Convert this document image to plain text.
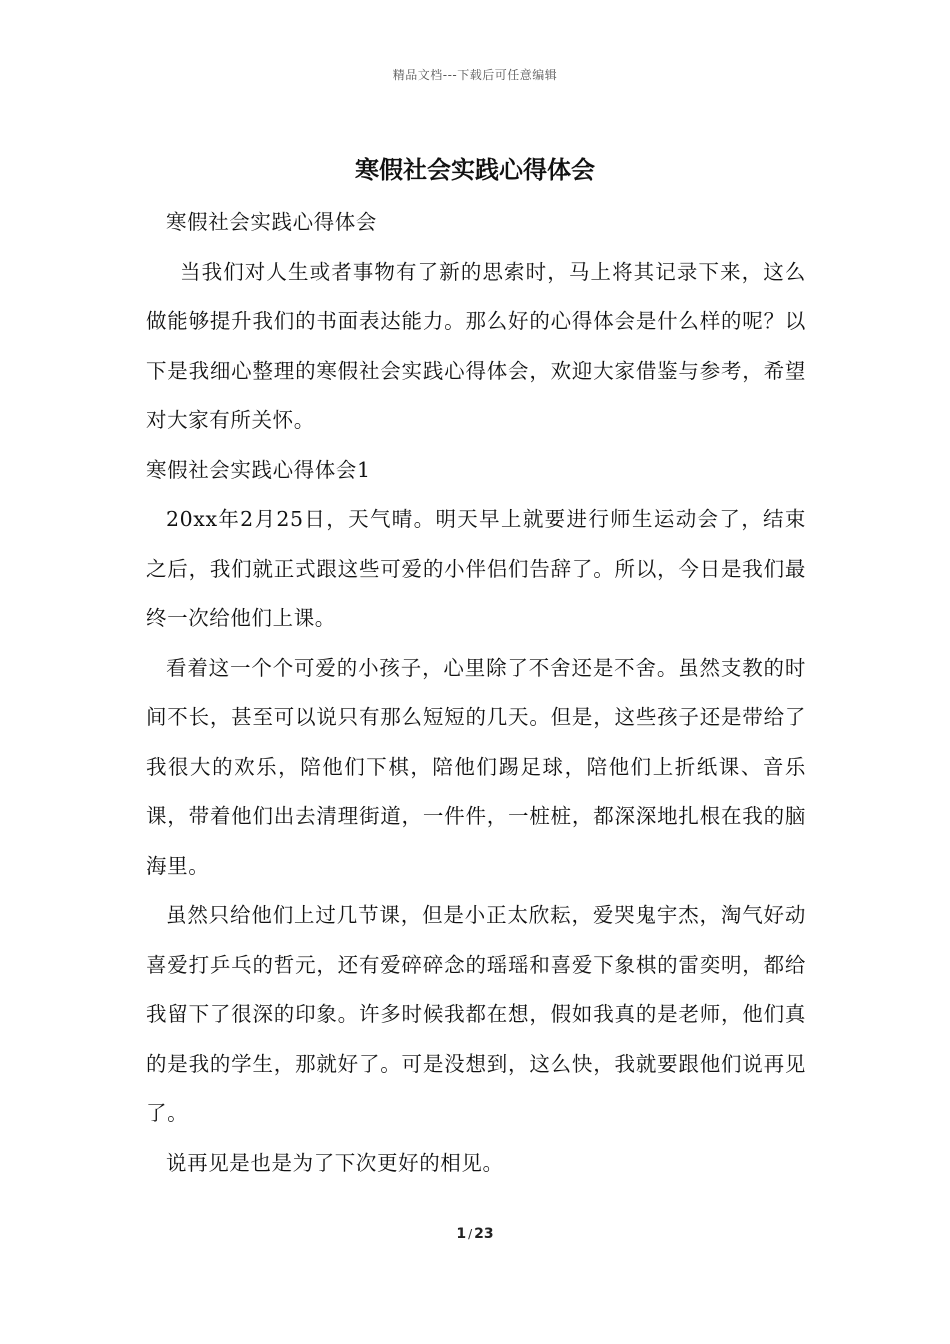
精品文档---下载后可任意编辑
寒假社会实践心得体会

寒假社会实践心得体会

当我们对人生或者事物有了新的思索时，马上将其记录下来，这么做能够提升我们的书面表达能力。那么好的心得体会是什么样的呢？以下是我细心整理的寒假社会实践心得体会，欢迎大家借鉴与参考，希望对大家有所关怀。

寒假社会实践心得体会1

20xx年2月25日，天气晴。明天早上就要进行师生运动会了，结束之后，我们就正式跟这些可爱的小伴侣们告辞了。所以，今日是我们最终一次给他们上课。

看着这一个个可爱的小孩子，心里除了不舍还是不舍。虽然支教的时间不长，甚至可以说只有那么短短的几天。但是，这些孩子还是带给了我很大的欢乐，陪他们下棋，陪他们踢足球，陪他们上折纸课、音乐课，带着他们出去清理街道，一件件，一桩桩，都深深地扎根在我的脑海里。

虽然只给他们上过几节课，但是小正太欣耘，爱哭鬼宇杰，淘气好动喜爱打乒乓的哲元，还有爱碎碎念的瑶瑶和喜爱下象棋的雷奕明，都给我留下了很深的印象。许多时候我都在想，假如我真的是老师，他们真的是我的学生，那就好了。可是没想到，这么快，我就要跟他们说再见了。

说再见是也是为了下次更好的相见。

1 / 23
